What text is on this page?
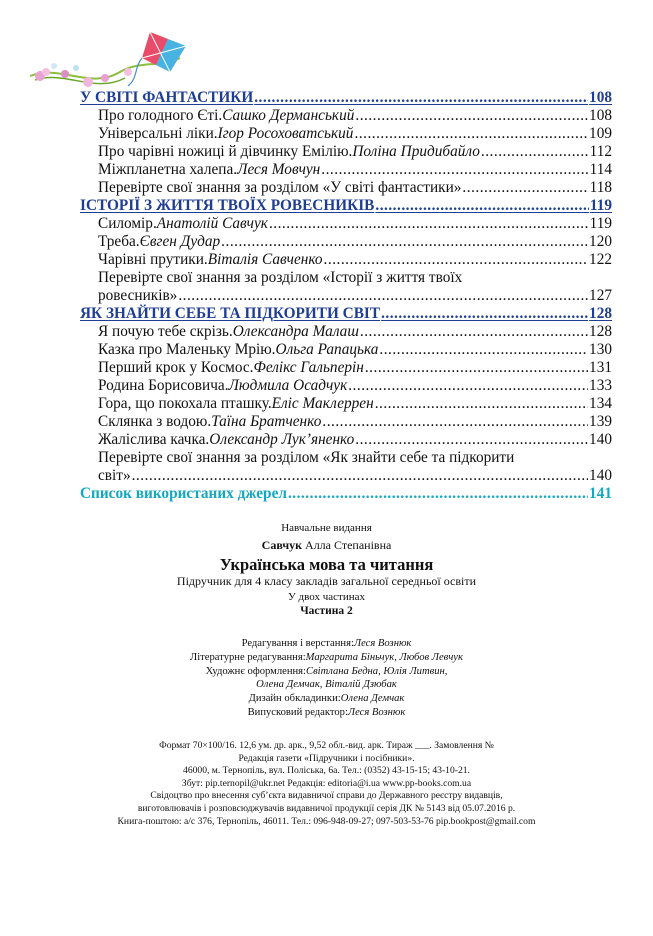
У СВІТІ ФАНТАСТИКИ .....	108
Про голодного Єті. Сашко Дерманський .....	108
Універсальні ліки. Ігор Росоховатський .....	109
Про чарівні ножиці й дівчинку Емілію. Поліна Придибайло .....	112
Міжпланетна халепа. Леся Мовчун .....	114
Перевірте свої знання за розділом «У світі фантастики» .....	118
ІСТОРІЇ З ЖИТТЯ ТВОЇХ РОВЕСНИКІВ .....	119
Силомір. Анатолій Савчук .....	119
Треба. Євген Дудар .....	120
Чарівні прутики. Віталія Савченко .....	122
Перевірте свої знання за розділом «Історії з життя твоїх
ровесників» .....	127
ЯК ЗНАЙТИ СЕБЕ ТА ПІДКОРИТИ СВІТ .....	128
Я почую тебе скрізь. Олександра Малаш .....	128
Казка про Маленьку Мрію. Ольга Рапацька .....	130
Перший крок у Космос. Фелікс Гальперін .....	131
Родина Борисовича. Людмила Осадчук .....	133
Гора, що покохала пташку. Еліс Маклеррен .....	134
Склянка з водою. Таїна Братченко .....	139
Жаліслива качка. Олександр Лук’яненко .....	140
Перевірте свої знання за розділом «Як знайти себе та підкорити
світ» .....	140
Список використаних джерел .....	141
Навчальне видання
Савчук Алла Степанівна
Українська мова та читання
Підручник для 4 класу закладів загальної середньої освіти
У двох частинах
Частина 2
Редагування і верстання: Леся Вознюк
Літературне редагування: Маргарита Біньчук, Любов Левчук
Художнє оформлення: Світлана Бедна, Юлія Литвин,
Олена Демчак, Віталій Дзюбак
Дизайн обкладинки: Олена Демчак
Випусковий редактор: Леся Вознюк
Формат 70×100/16. 12,6 ум. др. арк., 9,52 обл.-вид. арк. Тираж ___. Замовлення №
Редакція газети «Підручники і посібники».
46000, м. Тернопіль, вул. Поліська, 6а. Тел.: (0352) 43-15-15; 43-10-21.
Збут: pip.ternopil@ukr.net Редакція: editoria@i.ua www.pp-books.com.ua
Свідоцтво про внесення суб’єкта видавничої справи до Державного реєстру видавців,
виготовлювачів і розповсюджувачів видавничої продукції серія ДК № 5143 від 05.07.2016 р.
Книга-поштою: а/с 376, Тернопіль, 46011. Тел.: 096-948-09-27; 097-503-53-76 pip.bookpost@gmail.com
